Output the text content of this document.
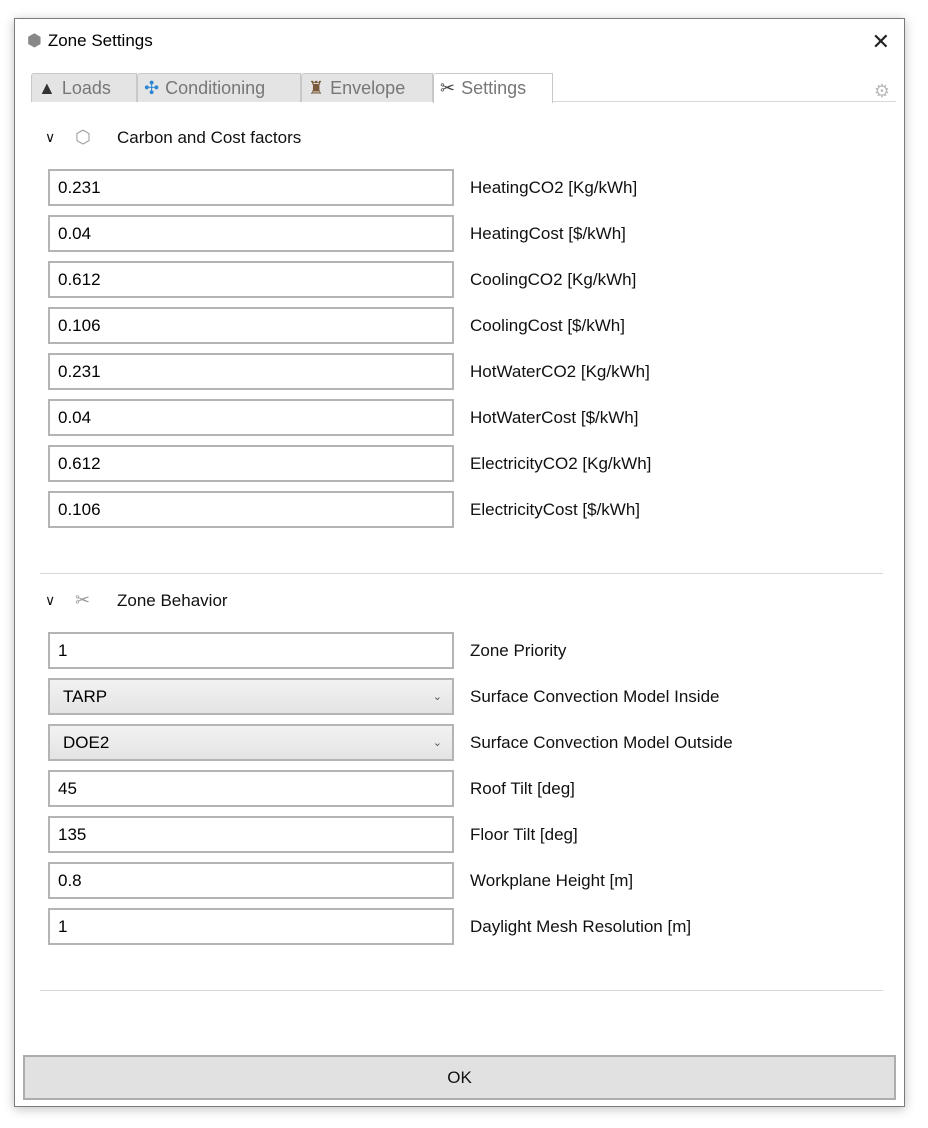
⬢ Zone Settings	✕
▲ Loads ✣ Conditioning ♜ Envelope ✂ Settings	⚙
∨	⬡	Carbon and Cost factors
0.231	HeatingCO2 [Kg/kWh]
0.04	HeatingCost [$/kWh]
0.612	CoolingCO2 [Kg/kWh]
0.106	CoolingCost [$/kWh]
0.231	HotWaterCO2 [Kg/kWh]
0.04	HotWaterCost [$/kWh]
0.612	ElectricityCO2 [Kg/kWh]
0.106	ElectricityCost [$/kWh]
∨	✂	Zone Behavior
1	Zone Priority
TARP	⌄ Surface Convection Model Inside
DOE2	⌄ Surface Convection Model Outside
45	Roof Tilt [deg]
135	Floor Tilt [deg]
0.8	Workplane Height [m]
1	Daylight Mesh Resolution [m]
OK
